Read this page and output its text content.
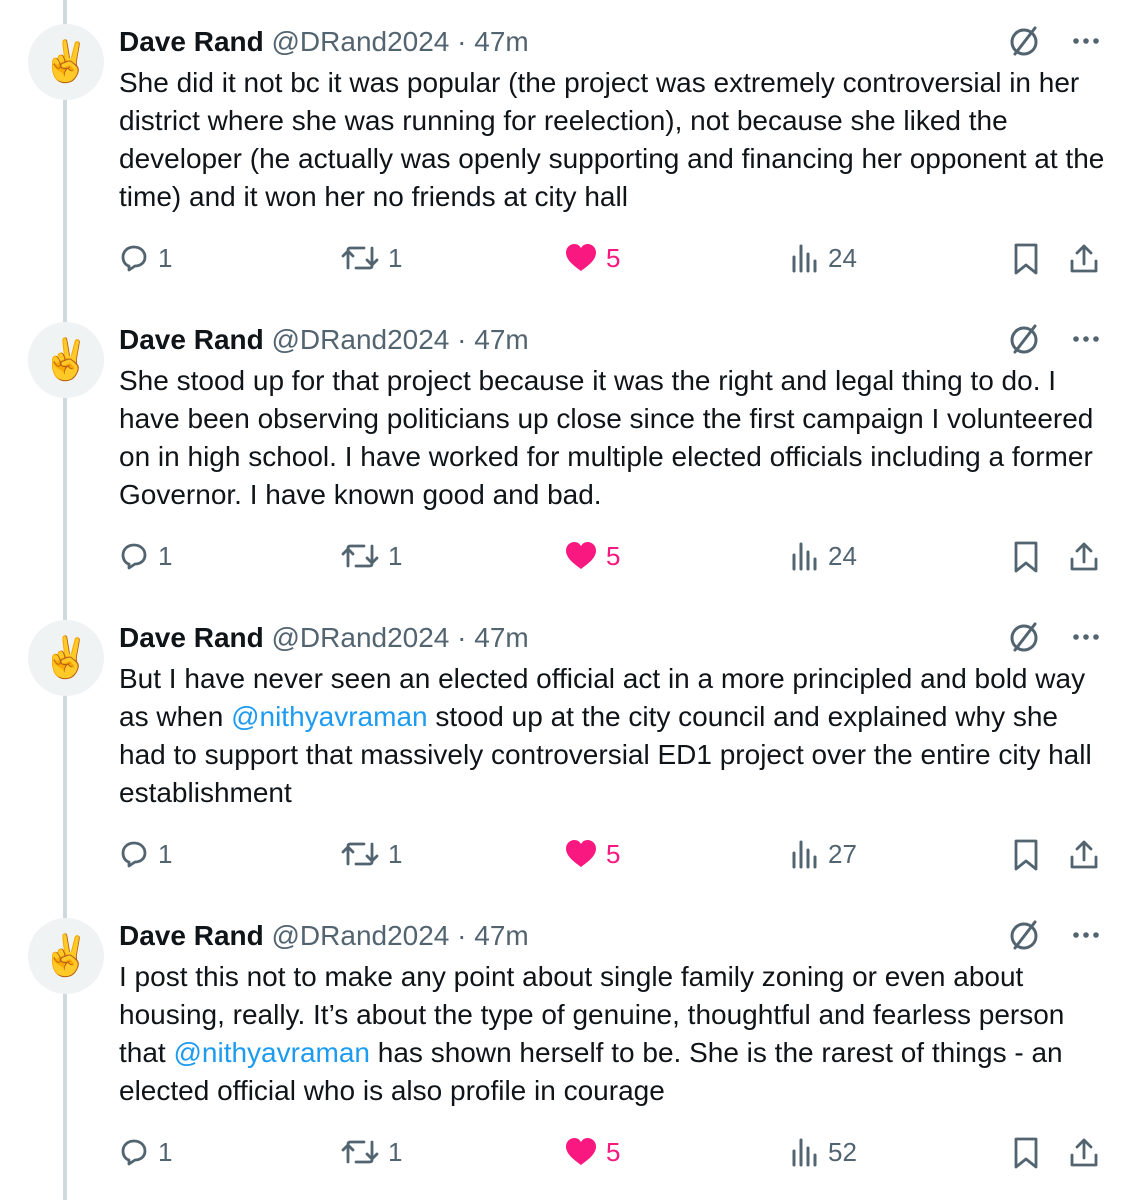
✌️ Dave Rand @DRand2024 · 47m
She did it not bc it was popular (the project was extremely controversial in her district where she was running for reelection), not because she liked the developer (he actually was openly supporting and financing her opponent at the time) and it won her no friends at city hall
1	1	5	24
✌️ Dave Rand @DRand2024 · 47m
She stood up for that project because it was the right and legal thing to do. I have been observing politicians up close since the first campaign I volunteered on in high school. I have worked for multiple elected officials including a former Governor. I have known good and bad.
1	1	5	24
✌️ Dave Rand @DRand2024 · 47m
But I have never seen an elected official act in a more principled and bold way as when @nithyavraman stood up at the city council and explained why she had to support that massively controversial ED1 project over the entire city hall establishment
1	1	5	27
✌️ Dave Rand @DRand2024 · 47m
I post this not to make any point about single family zoning or even about housing, really. It’s about the type of genuine, thoughtful and fearless person that @nithyavraman has shown herself to be. She is the rarest of things - an elected official who is also profile in courage
1	1	5	52
